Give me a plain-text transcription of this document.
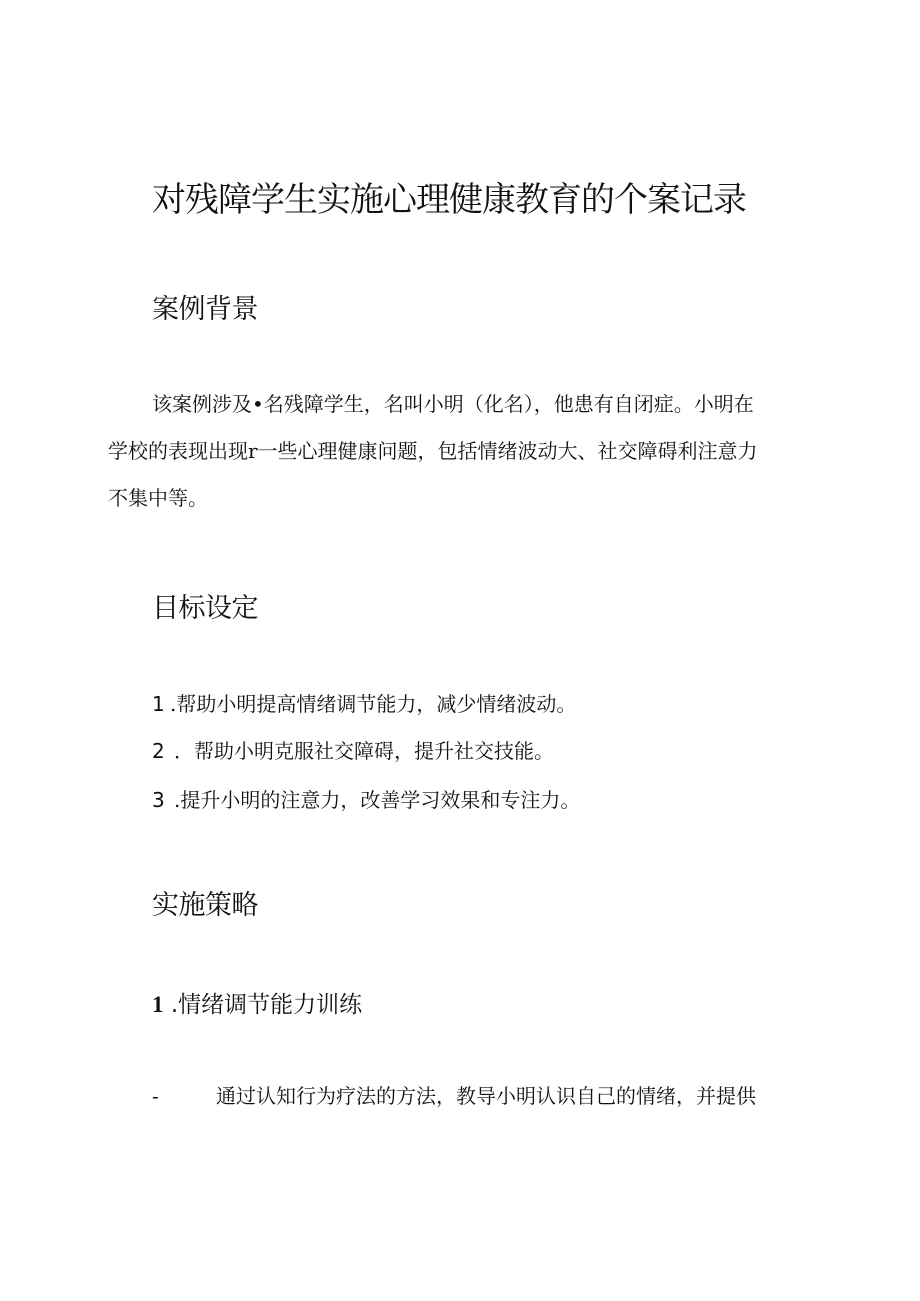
对残障学生实施心理健康教育的个案记录
案例背景

该案例涉及•名残障学生，名叫小明（化名），他患有自闭症。小明在
学校的表现出现r一些心理健康问题，包括情绪波动大、社交障碍利注意力
不集中等。

目标设定
1 .帮助小明提高情绪调节能力，减少情绪波动。
2 ．帮助小明克服社交障碍，提升社交技能。
3 .提升小明的注意力，改善学习效果和专注力。
实施策略
1 .情绪调节能力训练
-	通过认知行为疗法的方法，教导小明认识自己的情绪，并提供
